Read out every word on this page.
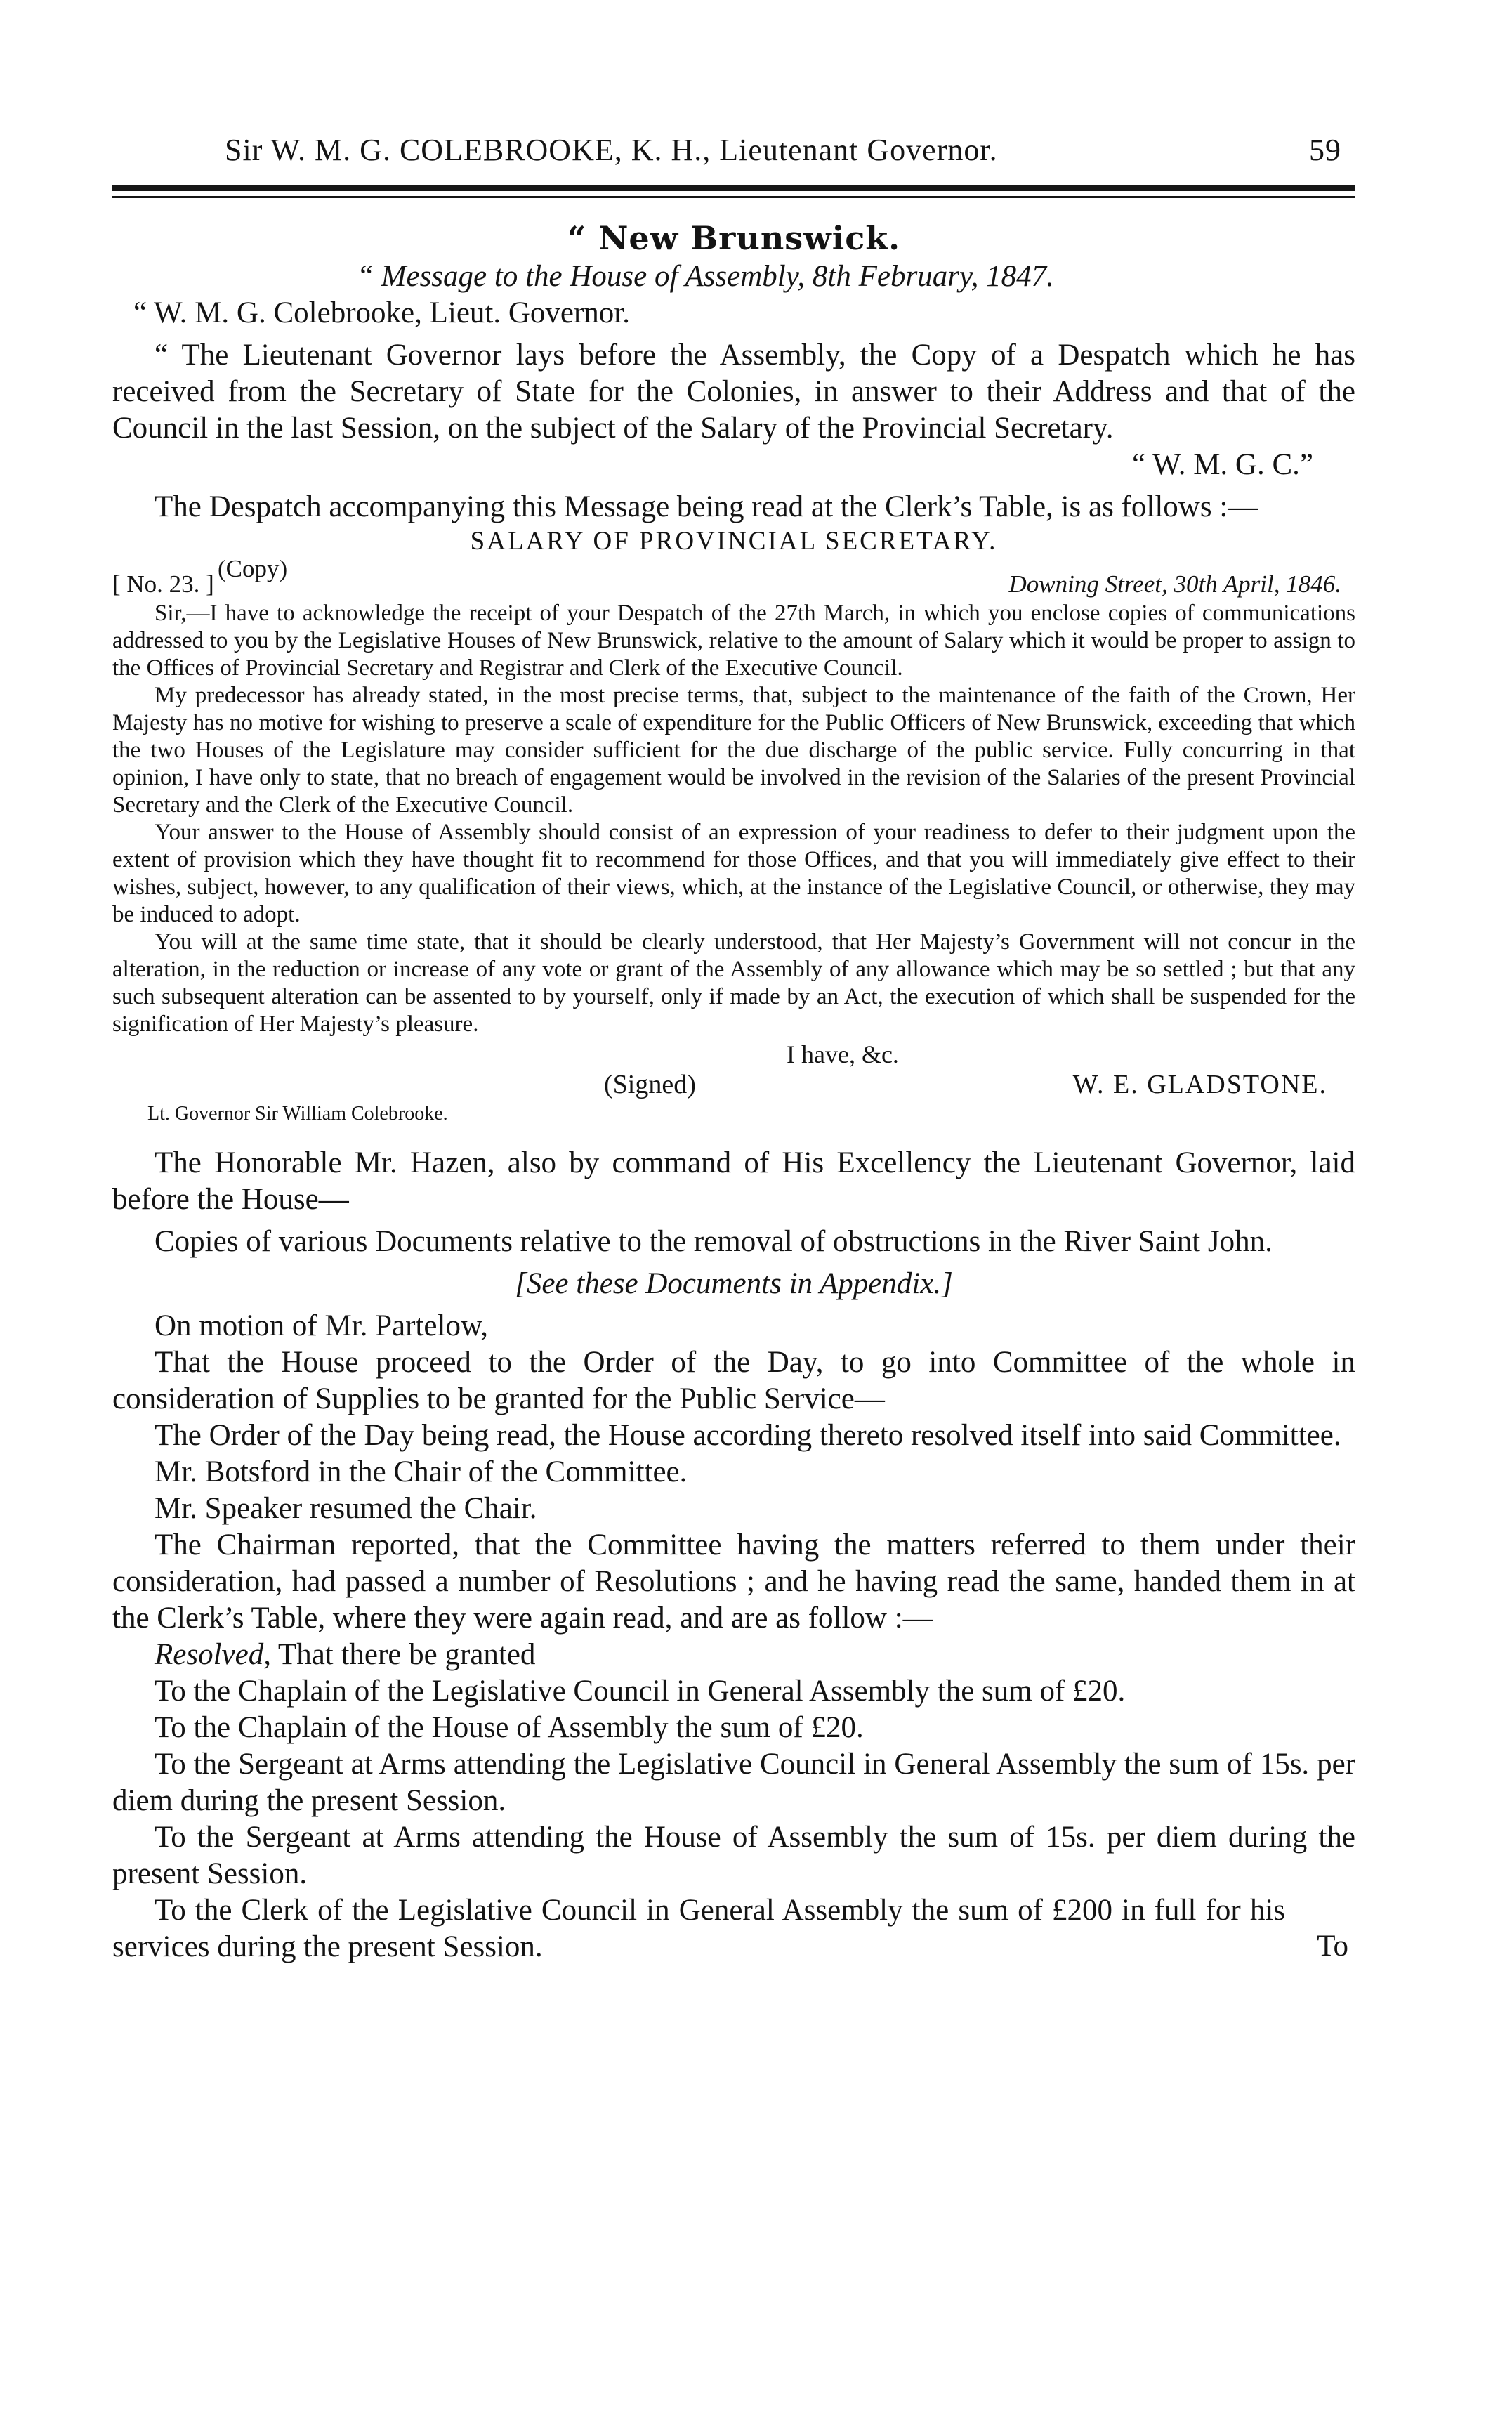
Sir W. M. G. COLEBROOKE, K. H., Lieutenant Governor.	59

“ New Brunswick.

“ Message to the House of Assembly, 8th February, 1847.

“ W. M. G. Colebrooke, Lieut. Governor.

“ The Lieutenant Governor lays before the Assembly, the Copy of a Despatch which he has received from the Secretary of State for the Colonies, in answer to their Address and that of the Council in the last Session, on the subject of the Salary of the Provincial Secretary.

“ W. M. G. C.”

The Despatch accompanying this Message being read at the Clerk’s Table, is as follows :—

SALARY OF PROVINCIAL SECRETARY.

(Copy)
[ No. 23. ]	Downing Street, 30th April, 1846.

Sir,—I have to acknowledge the receipt of your Despatch of the 27th March, in which you enclose copies of communications addressed to you by the Legislative Houses of New Brunswick, relative to the amount of Salary which it would be proper to assign to the Offices of Provincial Secretary and Registrar and Clerk of the Executive Council.

My predecessor has already stated, in the most precise terms, that, subject to the maintenance of the faith of the Crown, Her Majesty has no motive for wishing to preserve a scale of expenditure for the Public Officers of New Brunswick, exceeding that which the two Houses of the Legislature may consider sufficient for the due discharge of the public service. Fully concurring in that opinion, I have only to state, that no breach of engagement would be involved in the revision of the Salaries of the present Provincial Secretary and the Clerk of the Executive Council.

Your answer to the House of Assembly should consist of an expression of your readiness to defer to their judgment upon the extent of provision which they have thought fit to recommend for those Offices, and that you will immediately give effect to their wishes, subject, however, to any qualification of their views, which, at the instance of the Legislative Council, or otherwise, they may be induced to adopt.

You will at the same time state, that it should be clearly understood, that Her Majesty’s Government will not concur in the alteration, in the reduction or increase of any vote or grant of the Assembly of any allowance which may be so settled ; but that any such subsequent alteration can be assented to by yourself, only if made by an Act, the execution of which shall be suspended for the signification of Her Majesty’s pleasure.

I have, &c.
(Signed)	W. E. GLADSTONE.
Lt. Governor Sir William Colebrooke.

The Honorable Mr. Hazen, also by command of His Excellency the Lieutenant Governor, laid before the House—

Copies of various Documents relative to the removal of obstructions in the River Saint John.

[See these Documents in Appendix.]

On motion of Mr. Partelow,

That the House proceed to the Order of the Day, to go into Committee of the whole in consideration of Supplies to be granted for the Public Service—

The Order of the Day being read, the House according thereto resolved itself into said Committee.

Mr. Botsford in the Chair of the Committee.

Mr. Speaker resumed the Chair.

The Chairman reported, that the Committee having the matters referred to them under their consideration, had passed a number of Resolutions ; and he having read the same, handed them in at the Clerk’s Table, where they were again read, and are as follow :—

Resolved, That there be granted

To the Chaplain of the Legislative Council in General Assembly the sum of £20.

To the Chaplain of the House of Assembly the sum of £20.

To the Sergeant at Arms attending the Legislative Council in General Assembly the sum of 15s. per diem during the present Session.

To the Sergeant at Arms attending the House of Assembly the sum of 15s. per diem during the present Session.

To the Clerk of the Legislative Council in General Assembly the sum of £200 in full for his services during the present Session.	To
